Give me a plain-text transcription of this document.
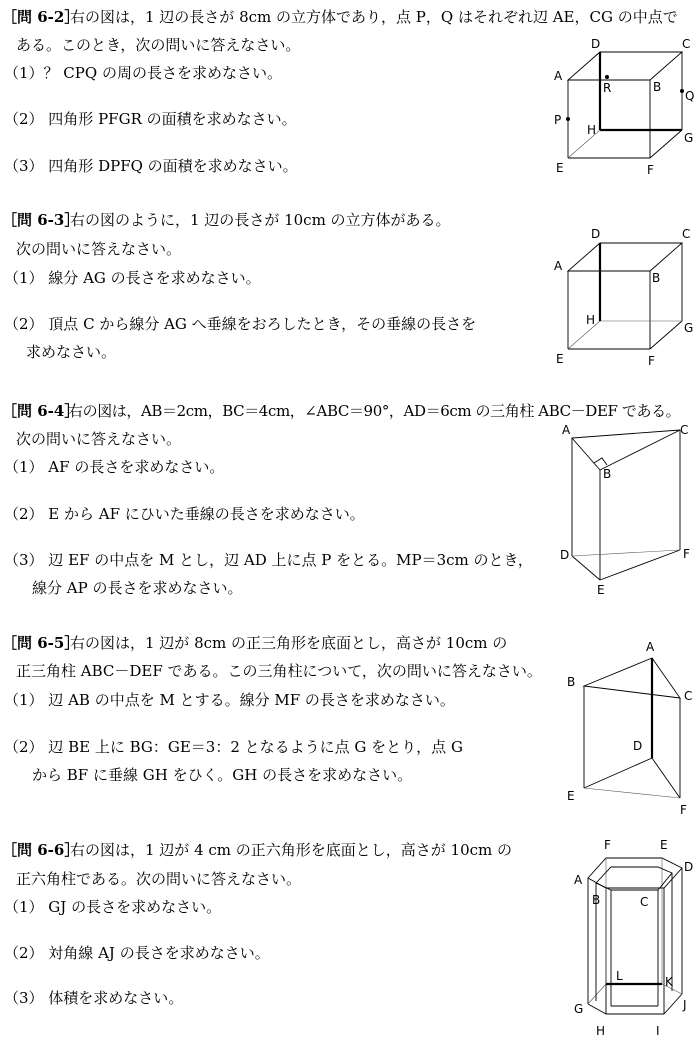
［問 6-2］
右の図は，1 辺の長さが 8cm の立方体であり，点 P，Q はそれぞれ辺 AE，CG の中点で
ある。このとき，次の問いに答えなさい。
（1）？ CPQ の周の長さを求めなさい。
（2） 四角形 PFGR の面積を求めなさい。
（3） 四角形 DPFQ の面積を求めなさい。
D	C
A
B
R
Q
P
H
G
E	F
［問 6-3］
右の図のように，1 辺の長さが 10cm の立方体がある。
次の問いに答えなさい。
（1） 線分 AG の長さを求めなさい。
（2） 頂点 C から線分 AG へ垂線をおろしたとき，その垂線の長さを
求めなさい。
D	C
A
B
H
G
E	F
［問 6-4］
右の図は，AB＝2cm，BC＝4cm，∠ABC＝90°，AD＝6cm の三角柱 ABC－DEF である。
次の問いに答えなさい。
（1） AF の長さを求めなさい。
（2） E から AF にひいた垂線の長さを求めなさい。
（3） 辺 EF の中点を M とし，辺 AD 上に点 P をとる。MP＝3cm のとき，
線分 AP の長さを求めなさい。
A	C
B
D	F
E
［問 6-5］
右の図は，1 辺が 8cm の正三角形を底面とし，高さが 10cm の
正三角柱 ABC－DEF である。この三角柱について，次の問いに答えなさい。
（1） 辺 AB の中点を M とする。線分 MF の長さを求めなさい。
（2） 辺 BE 上に BG：GE＝3：2 となるように点 G をとり，点 G
から BF に垂線 GH をひく。GH の長さを求めなさい。
A
B
C
D
E
F
［問 6-6］
右の図は，1 辺が 4 cm の正六角形を底面とし，高さが 10cm の
正六角柱である。次の問いに答えなさい。
（1） GJ の長さを求めなさい。
（2） 対角線 AJ の長さを求めなさい。
（3） 体積を求めなさい。
F	E
D
A
B	C
L	K
G	J
H	I
